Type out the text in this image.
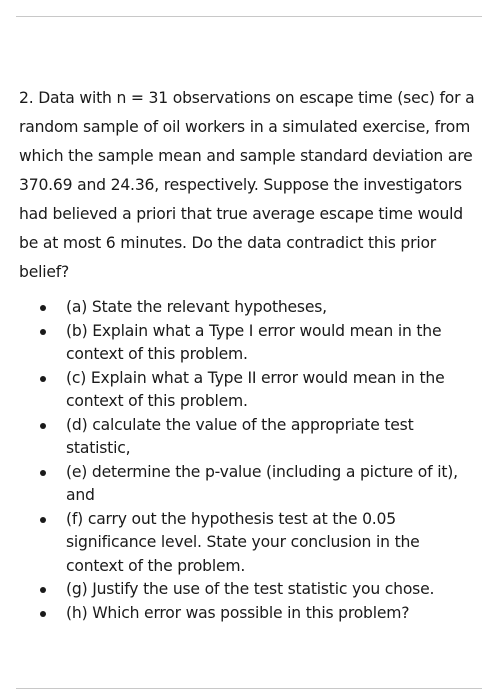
2. Data with n = 31 observations on escape time (sec) for a random sample of oil workers in a simulated exercise, from which the sample mean and sample standard deviation are 370.69 and 24.36, respectively. Suppose the investigators had believed a priori that true average escape time would be at most 6 minutes. Do the data contradict this prior belief?

(a) State the relevant hypotheses,
(b) Explain what a Type I error would mean in the context of this problem.
(c) Explain what a Type II error would mean in the context of this problem.
(d) calculate the value of the appropriate test statistic,
(e) determine the p-value (including a picture of it), and
(f) carry out the hypothesis test at the 0.05 significance level. State your conclusion in the context of the problem.
(g) Justify the use of the test statistic you chose.
(h) Which error was possible in this problem?
